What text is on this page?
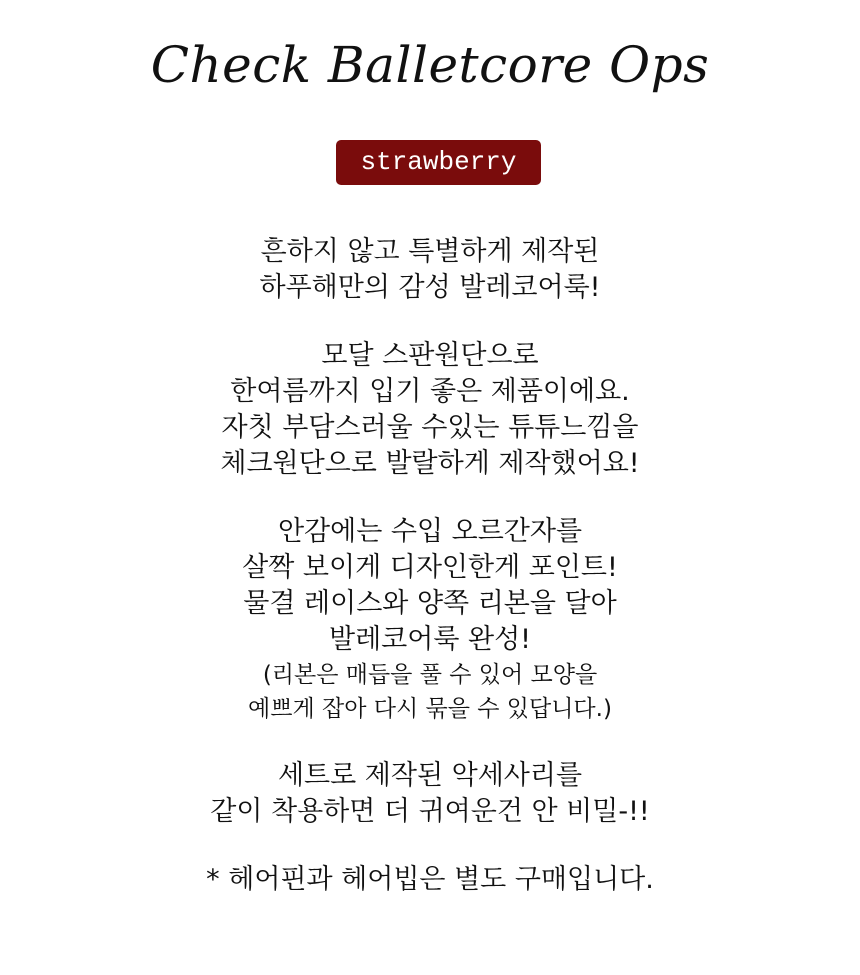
Check Balletcore Ops
strawberry
흔하지 않고 특별하게 제작된
하푸해만의 감성 발레코어룩!
모달 스판원단으로
한여름까지 입기 좋은 제품이에요.
자칫 부담스러울 수있는 튜튜느낌을
체크원단으로 발랄하게 제작했어요!
안감에는 수입 오르간자를
살짝 보이게 디자인한게 포인트!
물결 레이스와 양쪽 리본을 달아
발레코어룩 완성!
(리본은 매듭을 풀 수 있어 모양을
예쁘게 잡아 다시 묶을 수 있답니다.)
세트로 제작된 악세사리를
같이 착용하면 더 귀여운건 안 비밀-!!
* 헤어핀과 헤어빕은 별도 구매입니다.
